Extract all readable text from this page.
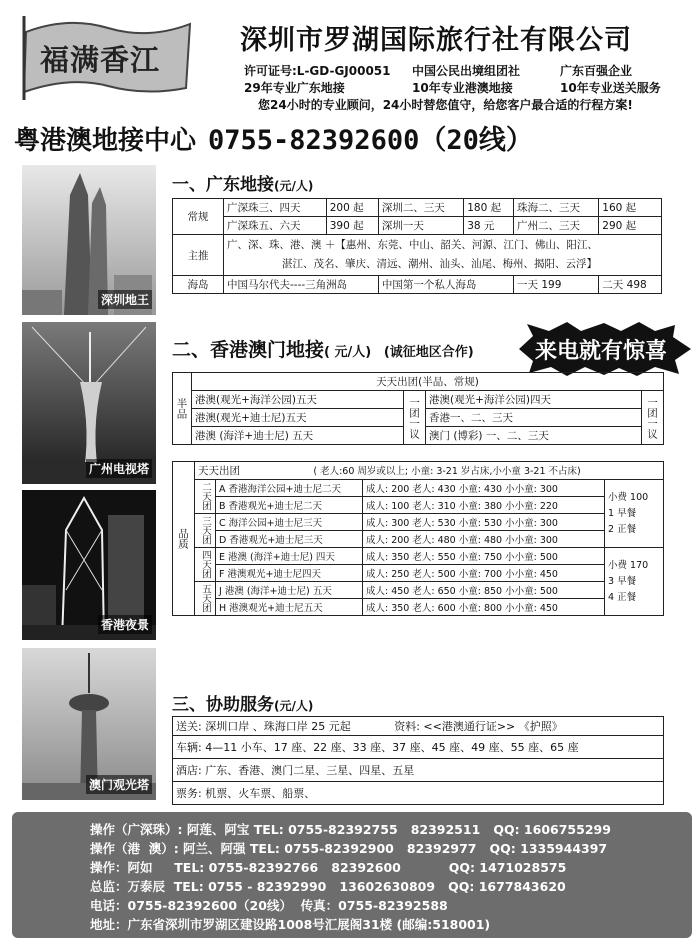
福满香江
深圳市罗湖国际旅行社有限公司
许可证号:L-GD-GJ00051 中国公民出境组团社	广东百强企业
29年专业广东地接	10年专业港澳地接	10年专业送关服务
您24小时的专业顾问，24小时替您值守，给您客户最合适的行程方案!
粤港澳地接中心 0755-82392600（20线）
深圳地王
广州电视塔
香港夜景
澳门观光塔
一、广东地接(元/人)
常规	广深珠三、四天	200 起	深圳二、三天	180 起	珠海二、三天	160 起
	广深珠五、六天	390 起	深圳一天	38 元	广州二、三天	290 起
主推	广、深、珠、港、澳 ＋【惠州、东莞、中山、韶关、河源、江门、佛山、阳江、
湛江、茂名、肇庆、清远、潮州、汕头、汕尾、梅州、揭阳、云浮】					

海岛	中国马尔代夫----三角洲岛		中国第一个私人海岛		一天 199	二天 498
二、香港澳门地接( 元/人) (诚征地区合作)	来电就有惊喜
半品	天天出团(半品、常规)			
	港澳(观光+海洋公园)五天	一团一议	港澳(观光+海洋公园)四天	一团一议
	港澳(观光+迪士尼)五天		香港一、二、三天	
	港澳 (海洋+迪士尼) 五天		澳门 (博彩) 一、二、三天	
品质	天天出团 ( 老人:60 周岁或以上; 小童: 3-21 岁占床,小小童 3-21 不占床)			
	二天团	A 香港海洋公园+迪士尼二天	成人: 200 老人: 430 小童: 430 小小童: 300	小费 100
1 早餐
2 正餐

		B 香港观光+迪士尼二天	成人: 100 老人: 310 小童: 380 小小童: 220	
	三天团	C 海洋公园+迪士尼三天	成人: 300 老人: 530 小童: 530 小小童: 300	
		D 香港观光+迪士尼三天	成人: 200 老人: 480 小童: 480 小小童: 300	
	四天团	E 港澳 (海洋+迪士尼) 四天	成人: 350 老人: 550 小童: 750 小小童: 500	小费 170
3 早餐
4 正餐

		F 港澳观光+迪士尼四天	成人: 250 老人: 500 小童: 700 小小童: 450	
	五天团	J 港澳 (海洋+迪士尼) 五天	成人: 450 老人: 650 小童: 850 小小童: 500	
		H 港澳观光+迪士尼五天	成人: 350 老人: 600 小童: 800 小小童: 450	
三、协助服务(元/人)
送关: 深圳口岸 、珠海口岸 25 元起	资料: <<港澳通行证>> 《护照》
车辆: 4—11 小车、17 座、22 座、33 座、37 座、45 座、49 座、55 座、65 座
酒店: 广东、香港、澳门二星、三星、四星、五星
票务: 机票、火车票、船票、
操作（广深珠）: 阿莲、阿宝 TEL: 0755-82392755   82392511   QQ: 1606755299
操作（港  澳）: 阿兰、阿强 TEL: 0755-82392900   82392977   QQ: 1335944397
操作：阿如     TEL: 0755-82392766   82392600           QQ: 1471028575
总监：万泰辰  TEL: 0755 - 82392990   13602630809   QQ: 1677843620
电话：0755-82392600（20线）  传真：0755-82392588
地址：广东省深圳市罗湖区建设路1008号汇展阁31楼 (邮编:518001)
